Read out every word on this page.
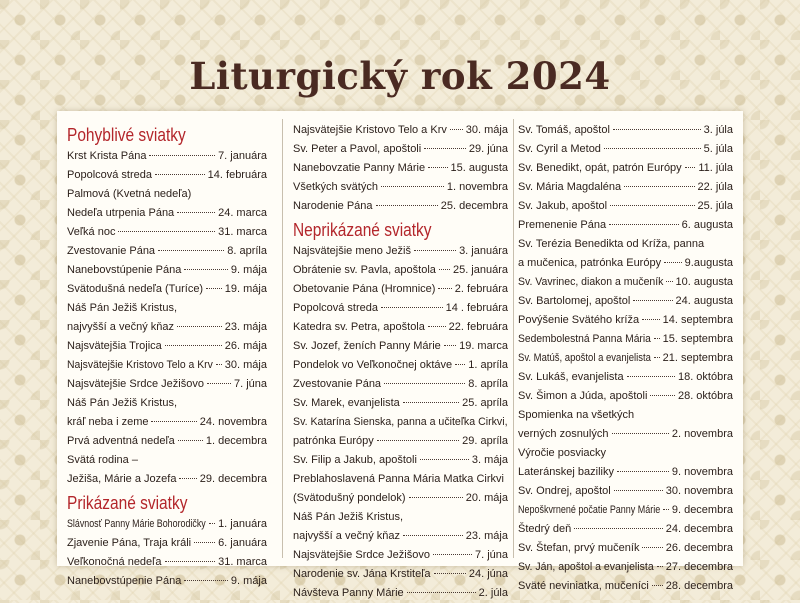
Liturgický rok 2024
Pohyblivé sviatky
Krst Krista Pána	7. januára
Popolcová streda	14. februára
Palmová (Kvetná nedeľa)
Nedeľa utrpenia Pána	24. marca
Veľká noc	31. marca
Zvestovanie Pána	8. apríla
Nanebovstúpenie Pána	9. mája
Svätodušná nedeľa (Turíce) 19. mája
Náš Pán Ježiš Kristus,
najvyšší a večný kňaz	23. mája
Najsvätejšia Trojica	26. mája
Najsvätejšie Kristovo Telo a Krv 30. mája
Najsvätejšie Srdce Ježišovo	7. júna
Náš Pán Ježiš Kristus,
kráľ neba i zeme	24. novembra
Prvá adventná nedeľa	1. decembra
Svätá rodina –
Ježiša, Márie a Jozefa 29. decembra
Prikázané sviatky
Slávnosť Panny Márie Bohorodičky 1. januára
Zjavenie Pána, Traja králi 6. januára
Veľkonočná nedeľa	31. marca
Nanebovstúpenie Pána	9. mája
Najsvätejšie Kristovo Telo a Krv 30. mája
Sv. Peter a Pavol, apoštoli	29. júna
Nanebovzatie Panny Márie 15. augusta
Všetkých svätých	1. novembra
Narodenie Pána	25. decembra
Neprikázané sviatky
Najsvätejšie meno Ježiš	3. januára
Obrátenie sv. Pavla, apoštola 25. januára
Obetovanie Pána (Hromnice) 2. februára
Popolcová streda	14 . februára
Katedra sv. Petra, apoštola 22. februára
Sv. Jozef, ženích Panny Márie 19. marca
Pondelok vo Veľkonočnej oktáve 1. apríla
Zvestovanie Pána	8. apríla
Sv. Marek, evanjelista	25. apríla
Sv. Katarína Sienska, panna a učiteľka Cirkvi,
patrónka Európy	29. apríla
Sv. Filip a Jakub, apoštoli	3. mája
Preblahoslavená Panna Mária Matka Cirkvi
(Svätodušný pondelok)	20. mája
Náš Pán Ježiš Kristus,
najvyšší a večný kňaz	23. mája
Najsvätejšie Srdce Ježišovo	7. júna
Narodenie sv. Jána Krstiteľa	24. júna
Návšteva Panny Márie	2. júla
Sv. Tomáš, apoštol	3. júla
Sv. Cyril a Metod	5. júla
Sv. Benedikt, opát, patrón Európy 11. júla
Sv. Mária Magdaléna	22. júla
Sv. Jakub, apoštol	25. júla
Premenenie Pána	6. augusta
Sv. Terézia Benedikta od Kríža, panna
a mučenica, patrónka Európy 9.augusta
Sv. Vavrinec, diakon a mučeník 10. augusta
Sv. Bartolomej, apoštol	24. augusta
Povýšenie Svätého kríža 14. septembra
Sedembolestná Panna Mária 15. septembra
Sv. Matúš, apoštol a evanjelista 21. septembra
Sv. Lukáš, evanjelista	18. októbra
Sv. Šimon a Júda, apoštoli	28. októbra
Spomienka na všetkých
verných zosnulých	2. novembra
Výročie posviacky
Lateránskej baziliky	9. novembra
Sv. Ondrej, apoštol	30. novembra
Nepoškvrnené počatie Panny Márie 9. decembra
Štedrý deň	24. decembra
Sv. Štefan, prvý mučeník 26. decembra
Sv. Ján, apoštol a evanjelista 27. decembra
Sväté neviniatka, mučeníci 28. decembra
